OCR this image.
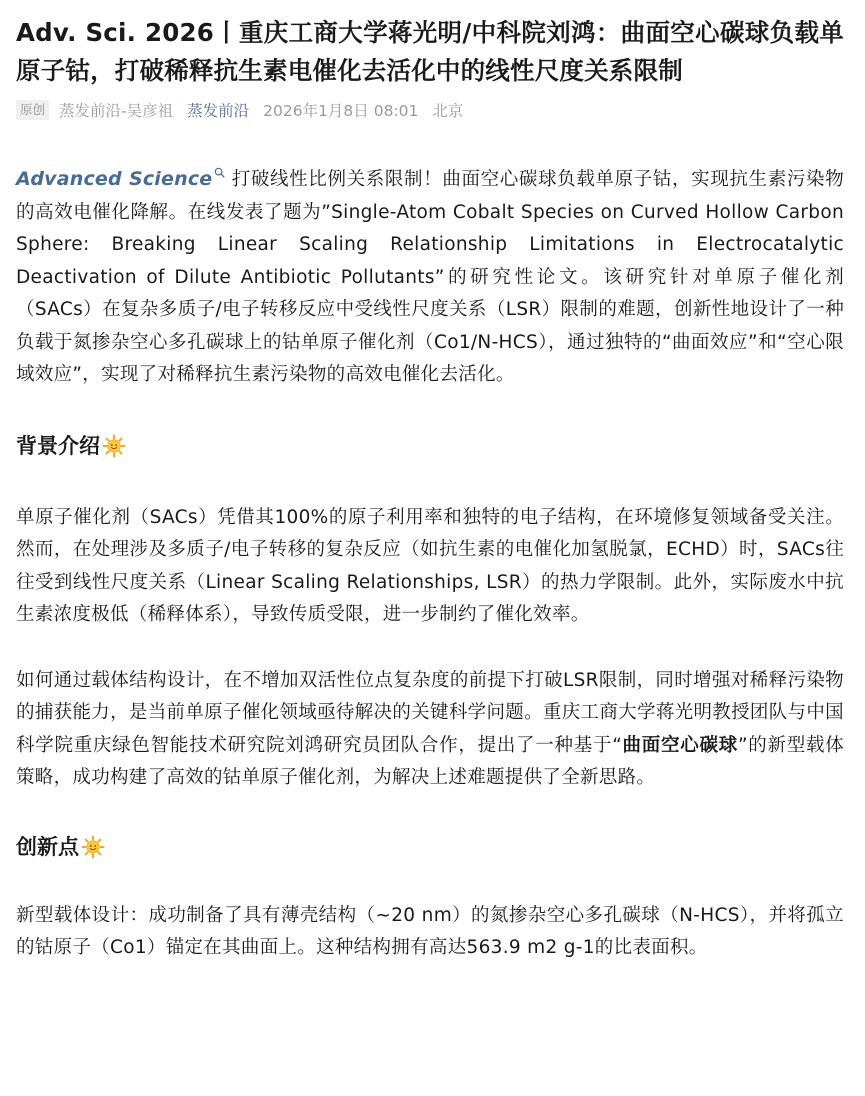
Adv. Sci. 2026丨重庆工商大学蒋光明/中科院刘鸿：曲面空心碳球负载单原子钴，打破稀释抗生素电催化去活化中的线性尺度关系限制
原创 蒸发前沿-吴彦祖 蒸发前沿 2026年1月8日 08:01 北京

Advanced Science 打破线性比例关系限制！曲面空心碳球负载单原子钴，实现抗生素污染物的高效电催化降解。在线发表了题为”Single-Atom Cobalt Species on Curved Hollow Carbon Sphere: Breaking Linear Scaling Relationship Limitations in Electrocatalytic Deactivation of Dilute Antibiotic Pollutants”的研究性论文。该研究针对单原子催化剂（SACs）在复杂多质子/电子转移反应中受线性尺度关系（LSR）限制的难题，创新性地设计了一种负载于氮掺杂空心多孔碳球上的钴单原子催化剂（Co1/N-HCS），通过独特的“曲面效应”和“空心限域效应”，实现了对稀释抗生素污染物的高效电催化去活化。

背景介绍

单原子催化剂（SACs）凭借其100%的原子利用率和独特的电子结构，在环境修复领域备受关注。然而，在处理涉及多质子/电子转移的复杂反应（如抗生素的电催化加氢脱氯，ECHD）时，SACs往往受到线性尺度关系（Linear Scaling Relationships, LSR）的热力学限制。此外，实际废水中抗生素浓度极低（稀释体系），导致传质受限，进一步制约了催化效率。

如何通过载体结构设计，在不增加双活性位点复杂度的前提下打破LSR限制，同时增强对稀释污染物的捕获能力，是当前单原子催化领域亟待解决的关键科学问题。重庆工商大学蒋光明教授团队与中国科学院重庆绿色智能技术研究院刘鸿研究员团队合作，提出了一种基于“曲面空心碳球”的新型载体策略，成功构建了高效的钴单原子催化剂，为解决上述难题提供了全新思路。

创新点

新型载体设计：成功制备了具有薄壳结构（~20 nm）的氮掺杂空心多孔碳球（N-HCS），并将孤立的钴原子（Co1）锚定在其曲面上。这种结构拥有高达563.9 m2 g-1的比表面积。
